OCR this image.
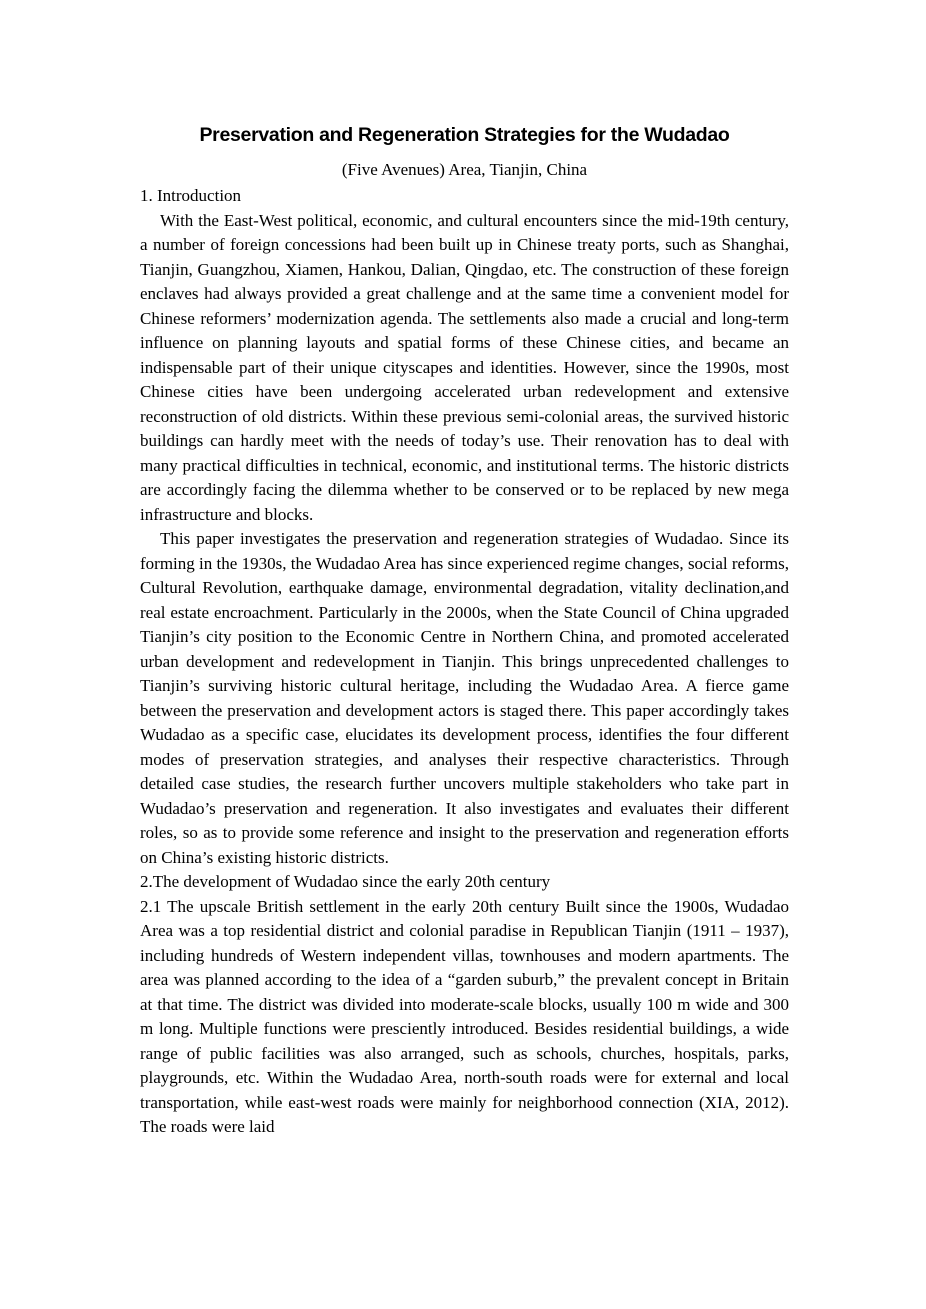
Preservation and Regeneration Strategies for the Wudadao
(Five Avenues) Area, Tianjin, China
1. Introduction

With the East-West political, economic, and cultural encounters since the mid-19th century, a number of foreign concessions had been built up in Chinese treaty ports, such as Shanghai, Tianjin, Guangzhou, Xiamen, Hankou, Dalian, Qingdao, etc. The construction of these foreign enclaves had always provided a great challenge and at the same time a convenient model for Chinese reformers’ modernization agenda. The settlements also made a crucial and long-term influence on planning layouts and spatial forms of these Chinese cities, and became an indispensable part of their unique cityscapes and identities. However, since the 1990s, most Chinese cities have been undergoing accelerated urban redevelopment and extensive reconstruction of old districts. Within these previous semi-colonial areas, the survived historic buildings can hardly meet with the needs of today’s use. Their renovation has to deal with many practical difficulties in technical, economic, and institutional terms. The historic districts are accordingly facing the dilemma whether to be conserved or to be replaced by new mega infrastructure and blocks.

This paper investigates the preservation and regeneration strategies of Wudadao. Since its forming in the 1930s, the Wudadao Area has since experienced regime changes, social reforms, Cultural Revolution, earthquake damage, environmental degradation, vitality declination,and real estate encroachment. Particularly in the 2000s, when the State Council of China upgraded Tianjin’s city position to the Economic Centre in Northern China, and promoted accelerated urban development and redevelopment in Tianjin. This brings unprecedented challenges to Tianjin’s surviving historic cultural heritage, including the Wudadao Area. A fierce game between the preservation and development actors is staged there. This paper accordingly takes Wudadao as a specific case, elucidates its development process, identifies the four different modes of preservation strategies, and analyses their respective characteristics. Through detailed case studies, the research further uncovers multiple stakeholders who take part in Wudadao’s preservation and regeneration. It also investigates and evaluates their different roles, so as to provide some reference and insight to the preservation and regeneration efforts on China’s existing historic districts.

2.The development of Wudadao since the early 20th century

2.1 The upscale British settlement in the early 20th century Built since the 1900s, Wudadao Area was a top residential district and colonial paradise in Republican Tianjin (1911 – 1937), including hundreds of Western independent villas, townhouses and modern apartments. The area was planned according to the idea of a “garden suburb,” the prevalent concept in Britain at that time. The district was divided into moderate-scale blocks, usually 100 m wide and 300 m long. Multiple functions were presciently introduced. Besides residential buildings, a wide range of public facilities was also arranged, such as schools, churches, hospitals, parks, playgrounds, etc. Within the Wudadao Area, north-south roads were for external and local transportation, while east-west roads were mainly for neighborhood connection (XIA, 2012). The roads were laid
